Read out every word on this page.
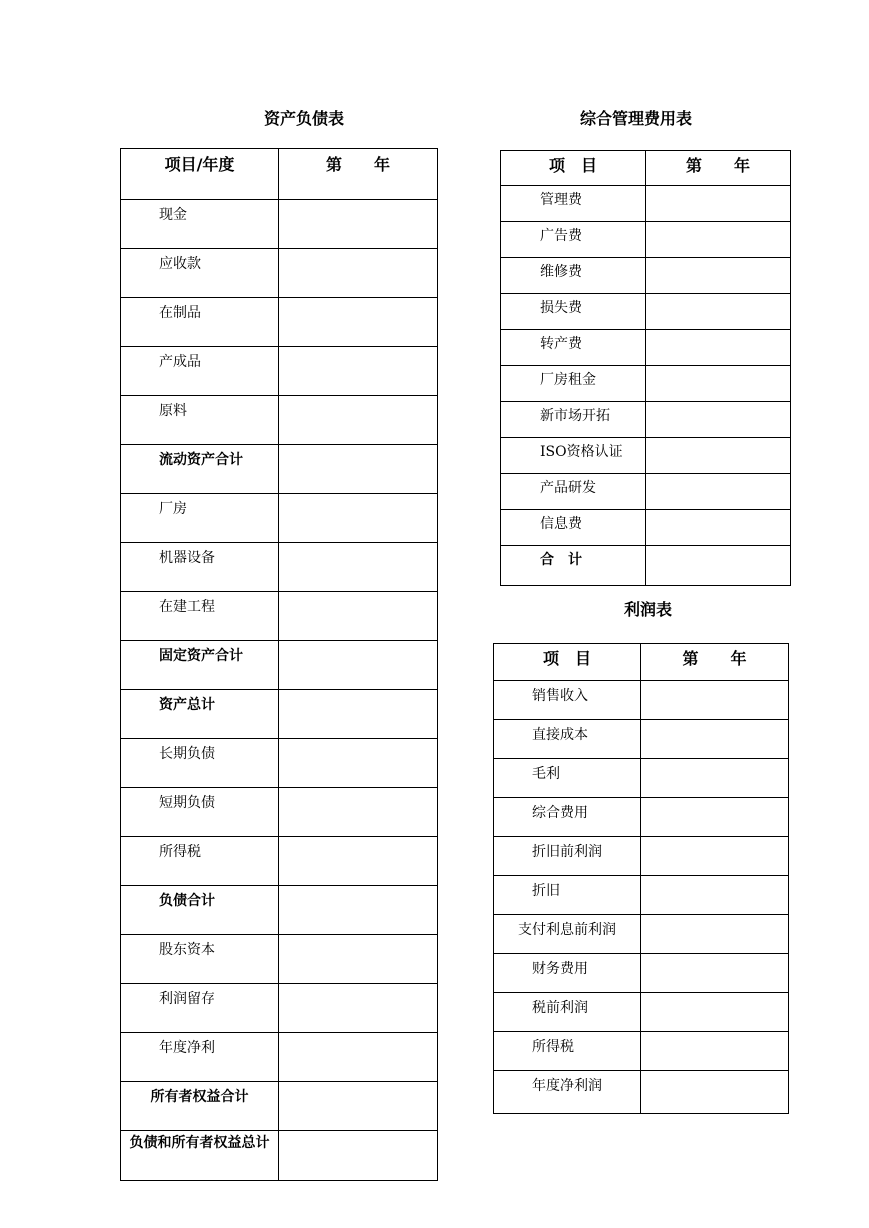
资产负债表
项目/年度	第　　年
现金	
应收款	
在制品	
产成品	
原料	
流动资产合计	
厂房	
机器设备	
在建工程	
固定资产合计	
资产总计	
长期负债	
短期负债	
所得税	
负债合计	
股东资本	
利润留存	
年度净利	
所有者权益合计	
负债和所有者权益总计	
综合管理费用表
项　目	第　　年
管理费	
广告费	
维修费	
损失费	
转产费	
厂房租金	
新市场开拓	
ISO资格认证	
产品研发	
信息费	
合　计	
利润表
项　目	第　　年
销售收入	
直接成本	
毛利	
综合费用	
折旧前利润	
折旧	
支付利息前利润	
财务费用	
税前利润	
所得税	
年度净利润	
